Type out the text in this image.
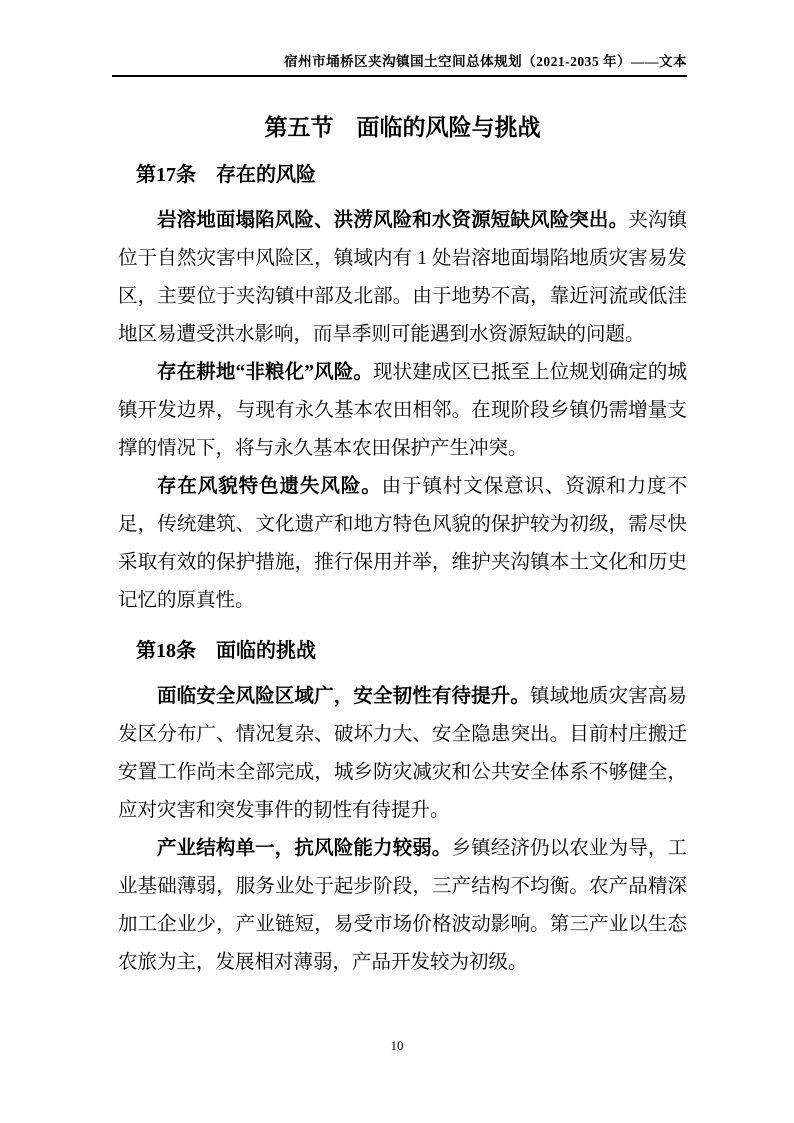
宿州市埇桥区夹沟镇国土空间总体规划（2021-2035 年）——文本
第五节　面临的风险与挑战
第17条　存在的风险

岩溶地面塌陷风险、洪涝风险和水资源短缺风险突出。夹沟镇位于自然灾害中风险区，镇域内有 1 处岩溶地面塌陷地质灾害易发区，主要位于夹沟镇中部及北部。由于地势不高，靠近河流或低洼地区易遭受洪水影响，而旱季则可能遇到水资源短缺的问题。

存在耕地“非粮化”风险。现状建成区已抵至上位规划确定的城镇开发边界，与现有永久基本农田相邻。在现阶段乡镇仍需增量支撑的情况下，将与永久基本农田保护产生冲突。

存在风貌特色遗失风险。由于镇村文保意识、资源和力度不足，传统建筑、文化遗产和地方特色风貌的保护较为初级，需尽快采取有效的保护措施，推行保用并举，维护夹沟镇本土文化和历史记忆的原真性。

第18条　面临的挑战

面临安全风险区域广，安全韧性有待提升。镇域地质灾害高易发区分布广、情况复杂、破坏力大、安全隐患突出。目前村庄搬迁安置工作尚未全部完成，城乡防灾减灾和公共安全体系不够健全，应对灾害和突发事件的韧性有待提升。

产业结构单一，抗风险能力较弱。乡镇经济仍以农业为导，工业基础薄弱，服务业处于起步阶段，三产结构不均衡。农产品精深加工企业少，产业链短，易受市场价格波动影响。第三产业以生态农旅为主，发展相对薄弱，产品开发较为初级。

10
